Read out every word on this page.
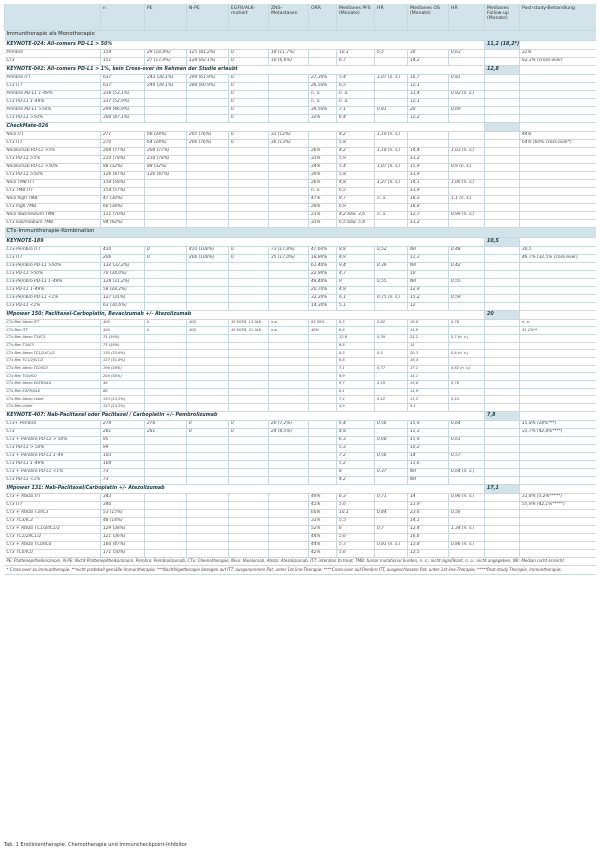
	n	PE	N-PE	EGFR/ALK-mutiert	ZNS-Metastasen	ORR	Medianes PFS (Monate)	HR	Medianes OS (Monate)	HR	Medianes Follow-up (Monate)	Post-study-Behandlung
Immuntherapie als Monotherapie												
KEYNOTE-024: All-comers PD-L1 > 50%											11,2 (18,2*)	
Pembro	154	29 (18,8%)	125 (81,2%)	0	18 (11,7%)		10,3	0,5	30	0,63		31%
CTx	151	27 (17,9%)	124 (82,1%)	0	10 (6,6%)		6,7		14,2			62,3% (cross-over)
KEYNOTE-042: All-comers PD-L1 > 1%, kein Cross-over im Rahmen der Studie erlaubt											12,8	
Pembro ITT	637	243 (38,1%)	394 (61,9%)	0		27,30%	5,4	1,07 (n. s.)	16,7	0,81		
CTx ITT	637	249 (39,1%)	388 (60,9%)	0		26,50%	6,5		12,1			
Pembro PD-L1 1–49%	338 (53,1%)			0		n. a.	n. a.		13,4	0,92 (n. s.)		
CTx PD-L1 1–49%	337 (52,9%)			0		n. a.	n. a.		12,1			
Pembro PD-L1 >50%	299 (46,9%)			0		39,50%	7,1	0,81	20	0,69		
CTx PD-L1 >50%	300 (47,1%)			0		32%	6,4		12,2			
CheckMate-026												
Nivo ITT	271	66 (24%)	205 (76%)	0	33 (12%)		4,2	1,19 (n. s.)				44%
CTx ITT	270	64 (24%)	206 (76%)	0	36 (13%)		5,8					64% (60% cross-over*)
Nivolumab PD-L1 >5%	208 (77%)	208 (77%)				26%	4,2	1,18 (n. s.)	14,4	1,03 (n. s.)		
CTx PD-L1 >5%	210 (78%)	210 (78%)				33%	5,9		13,2			
Nivolumab PD-L1 >50%	88 (32%)	88 (32%)				34%	5,4	1,07 (n. s.)	15,9	0,9 (n. s.)		
CTx PD-L1 >50%	126 (47%)	126 (47%)				39%	5,8		13,9			
Nivo TMB ITT	158 (58%)					26%	4,8	1,27 (n. s.)	14,1	1,06 (n. s.)		
CTx TMB ITT	154 (57%)					n. a.	6,5		13,9			
Nivo high TMB	47 (30%)					47%	9,7	n. a.	18,3	1,1 (n. s.)		
CTx high TMB	60 (38%)					28%	6,9		18,8			
Nivo low/medium TMB	111 (70%)					23%	4,2 bzw. 3,6	n. a.	12,7	0,99 (n. s.)		
CTx low/medium TMB	94 (62%)					33%	6,5 bzw. 5,8		13,2			
CTx-Immuntherapie-Kombination												
KEYNOTE-189											10,5	
CTx-Pembro ITT	410	0	410 (100%)	0	73 (17,8%)	47,60%	8,8	0,52	NR	0,48		30,5
CTx ITT	206	0	206 (100%)	0	35 (17,0%)	18,90%	4,9		11,3			46,7% (32,5% cross-over)
CTx-Pembro PD-L1 >50%	132 (32,2%)					61,40%	9,4	0,36	NR	0,42		
CTx PD-L1 >50%	70 (34,0%)					22,90%	4,7		10			
CTx-Pembro PD-L1 1–49%	128 (31,2%)					48,40%	9	0,55	NR	0,55		
CTx PD-L1 1–49%	58 (28,2%)					20,70%	4,9		12,9			
CTx-Pembro PD-L1 <1%	127 (31%)					32,30%	6,1	0,75 (n. s.)	15,2	0,59		
CTx PD-L1 <1%	63 (30,6%)					14,30%	5,1		12			
IMpower 150: Paclitaxel-Carboplatin, Bevacizumab +/- Atezolizumab											20	
CTx Bev Atezo ITT	400	0	400	35 EGFR, 13 ALK	n.a.	63,50%	8,3	0,62	19,8	0,76		n. a.
CTx Bev ITT	400	0	400	45 EGFR, 21 ALK	n.a.	48%	6,8		14,9			31,1%**
CTx Bev Atezo T3/IC3	75 (19%)						12,6	0,39	25,2	0,7 (n. s.)		
CTx Bev T3/IC3	73 (18%)						6,8		15			
CTx Bev Atezo TC1/2/IC1/2	135 (33,8%)						8,3	0,5	20,3	0,8 (n. s.)		
CTx Bev TC1/2/IC1/2	127 (31,8%)						6,6		16,4			
CTx Bev Atezo TC0/IC0	190 (48%)						7,1	0,77	17,1	0,82 (n. s.)		
CTx Bev TC0/IC0	200 (50%)						6,9		14,1			
CTx Bev Atezo EGFR/ALK	48						9,7	0,59	19,8	0,76		
CTx Bev EGFR/ALK	66						6,1		14,9			
CTx Bev Atezo Leber	153 (13,2%)						7,4	0,42	13,2	0,54		
CTx Bev Leber	157 (14,2%)						4,9		9,1			
KEYNOTE-407: Nab-Paclitaxel oder Paclitaxel / Carboplatin +/- Pembrolizumab											7,8	
CTx+ Pembro	278	278	0	0	20 (7,2%)		6,4	0,56	15,9	0,64		15,8% (28%***)
CTx	281	281	0	0	24 (8,5%)		4,8		11,3			31,7% (42,8%****)
CTx + Pembro PD-L1 > 50%	95						6,3	0,68	15,9	0,61		
CTx PD-L1 > 50%	99						5,3		10,2			
CTx + Pembro PD-L1 1–49	103						7,2	0,56	14	0,57		
CTx PD-L1 1–49%	104						5,2		11,6			
CTx + Pembro PD-L1 <1%	73						8	0,37	NR	0,64 (n. s.)		
CTx PD-L1 <1%	73						4,2		NR			
IMpower 131: Nab-Paclitaxel/Carboplatin +/- Atezolizumab											17,1	
CTx + Atezo ITT	343					49%	6,3	0,71	14	0,96 (n. s.)		31,8% (5,2%*****)
CTx ITT	340					41%	5,6		13,9			55,9% (42,1%*****)
CTx + Atezo T3/IC3	53 (15%)					60%	10,1	0,44	23,6	0,56		
CTx TC3/IC3	48 (14%)					33%	5,5		14,1			
CTx + Atezo TC1/2/IC1/2	129 (38%)					52%	6	0,7	12,4	1,34 (n. s.)		
CTx TC1/2/IC1/2	121 (36%)					44%	5,6		16,6			
CTx + Atezo TC0/IC0	160 (47%)					44%	5,7	0,81 (n. s.)	13,8	0,86 (n. s.)		
CTx TC0/IC0	171 (50%)					42%	5,6		12,5			
PE: Plattenepithelkarzinom, N-PE: Nicht-Plattenepithelkarzinom, Pembro: Pembrolizumab, CTx: Chemotherapie, Nivo: Nivolumab, Atezo: Atezolizumab, ITT: intention to treat, TMB: tumor mutational burden, n. s.: nicht signifikant, n. a.: nicht angegeben, NR: Median nicht erreicht												
* Cross-over zu Immuntherapie, **nicht protokoll-gemäße Immuntherapie; ***Nachfolgetherapie bezogen auf ITT, ausgenommen Pat. unter 1st-line-Therapie; ****Cross-over auf Pembro ITT, ausgeschlossen Pat. unter 1st-line-Therapie; *****Post-study-Therapie, Immuntherapie;												
Tab. 1 Erstlinientherapie: Chemotherapie und Immuncheckpoint-Inhibitor
